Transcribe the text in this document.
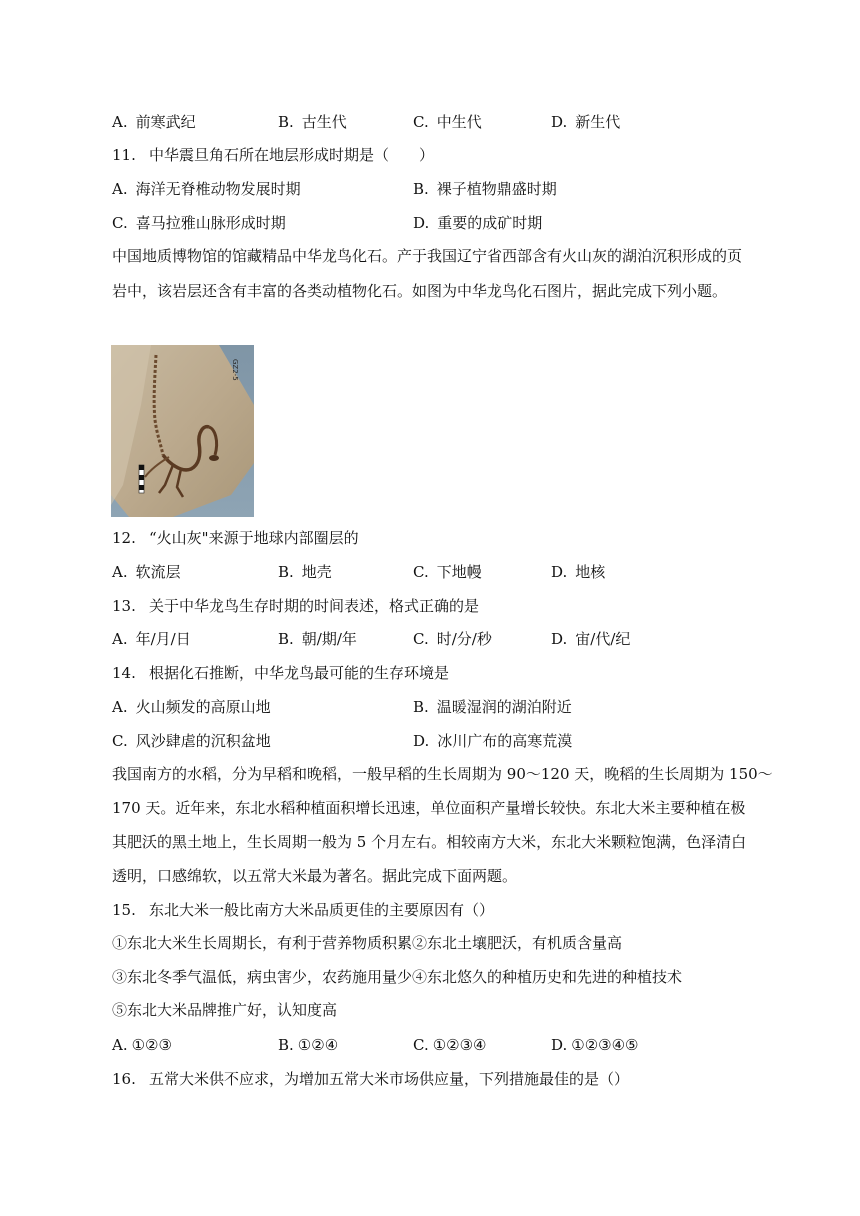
A. 前寒武纪	B. 古生代	C. 中生代	D. 新生代
11. 中华震旦角石所在地层形成时期是（　　）
A. 海洋无脊椎动物发展时期	B. 裸子植物鼎盛时期
C. 喜马拉雅山脉形成时期	D. 重要的成矿时期
中国地质博物馆的馆藏精品中华龙鸟化石。产于我国辽宁省西部含有火山灰的湖泊沉积形成的页
岩中，该岩层还含有丰富的各类动植物化石。如图为中华龙鸟化石图片，据此完成下列小题。
GZ2-5
12. “火山灰"来源于地球内部圈层的
A. 软流层	B. 地壳	C. 下地幔	D. 地核
13. 关于中华龙鸟生存时期的时间表述，格式正确的是
A. 年/月/日	B. 朝/期/年	C. 时/分/秒	D. 宙/代/纪
14. 根据化石推断，中华龙鸟最可能的生存环境是
A. 火山频发的高原山地	B. 温暖湿润的湖泊附近
C. 风沙肆虐的沉积盆地	D. 冰川广布的高寒荒漠
我国南方的水稻，分为早稻和晚稻，一般早稻的生长周期为 90～120 天，晚稻的生长周期为 150～
170 天。近年来，东北水稻种植面积增长迅速，单位面积产量增长较快。东北大米主要种植在极
其肥沃的黑土地上，生长周期一般为 5 个月左右。相较南方大米，东北大米颗粒饱满，色泽清白
透明，口感绵软，以五常大米最为著名。据此完成下面两题。
15. 东北大米一般比南方大米品质更佳的主要原因有（）
①东北大米生长周期长，有利于营养物质积累②东北土壤肥沃，有机质含量高
③东北冬季气温低，病虫害少，农药施用量少④东北悠久的种植历史和先进的种植技术
⑤东北大米品牌推广好，认知度高
A. ①②③	B. ①②④	C. ①②③④	D. ①②③④⑤
16. 五常大米供不应求，为增加五常大米市场供应量，下列措施最佳的是（）
